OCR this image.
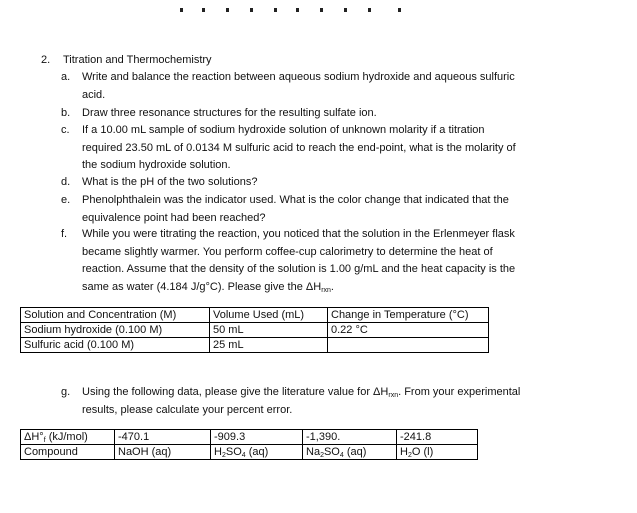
2. Titration and Thermochemistry
a.	Write and balance the reaction between aqueous sodium hydroxide and aqueous sulfuric
acid.
b.	Draw three resonance structures for the resulting sulfate ion.
c.	If a 10.00 mL sample of sodium hydroxide solution of unknown molarity if a titration
required 23.50 mL of 0.0134 M sulfuric acid to reach the end-point, what is the molarity of
the sodium hydroxide solution.
d.	What is the pH of the two solutions?
e.	Phenolphthalein was the indicator used. What is the color change that indicated that the
equivalence point had been reached?
f.	While you were titrating the reaction, you noticed that the solution in the Erlenmeyer flask
became slightly warmer. You perform coffee-cup calorimetry to determine the heat of
reaction. Assume that the density of the solution is 1.00 g/mL and the heat capacity is the
same as water (4.184 J/g°C). Please give the $\Delta H_{rxn}$.
Solution and Concentration (M)	Volume Used (mL)	Change in Temperature (°C)
Sodium hydroxide (0.100 M)	50 mL	0.22 °C
Sulfuric acid (0.100 M)	25 mL	
g.	Using the following data, please give the literature value for $\Delta H_{rxn}$. From your experimental
results, please calculate your percent error.
$\Delta H^\circ_f$ (kJ/mol)	-470.1	-909.3	-1,390.	-241.8
Compound	NaOH (aq)	$H_2SO_4$ (aq)	$Na_2SO_4$ (aq)	$H_2O$ (l)
